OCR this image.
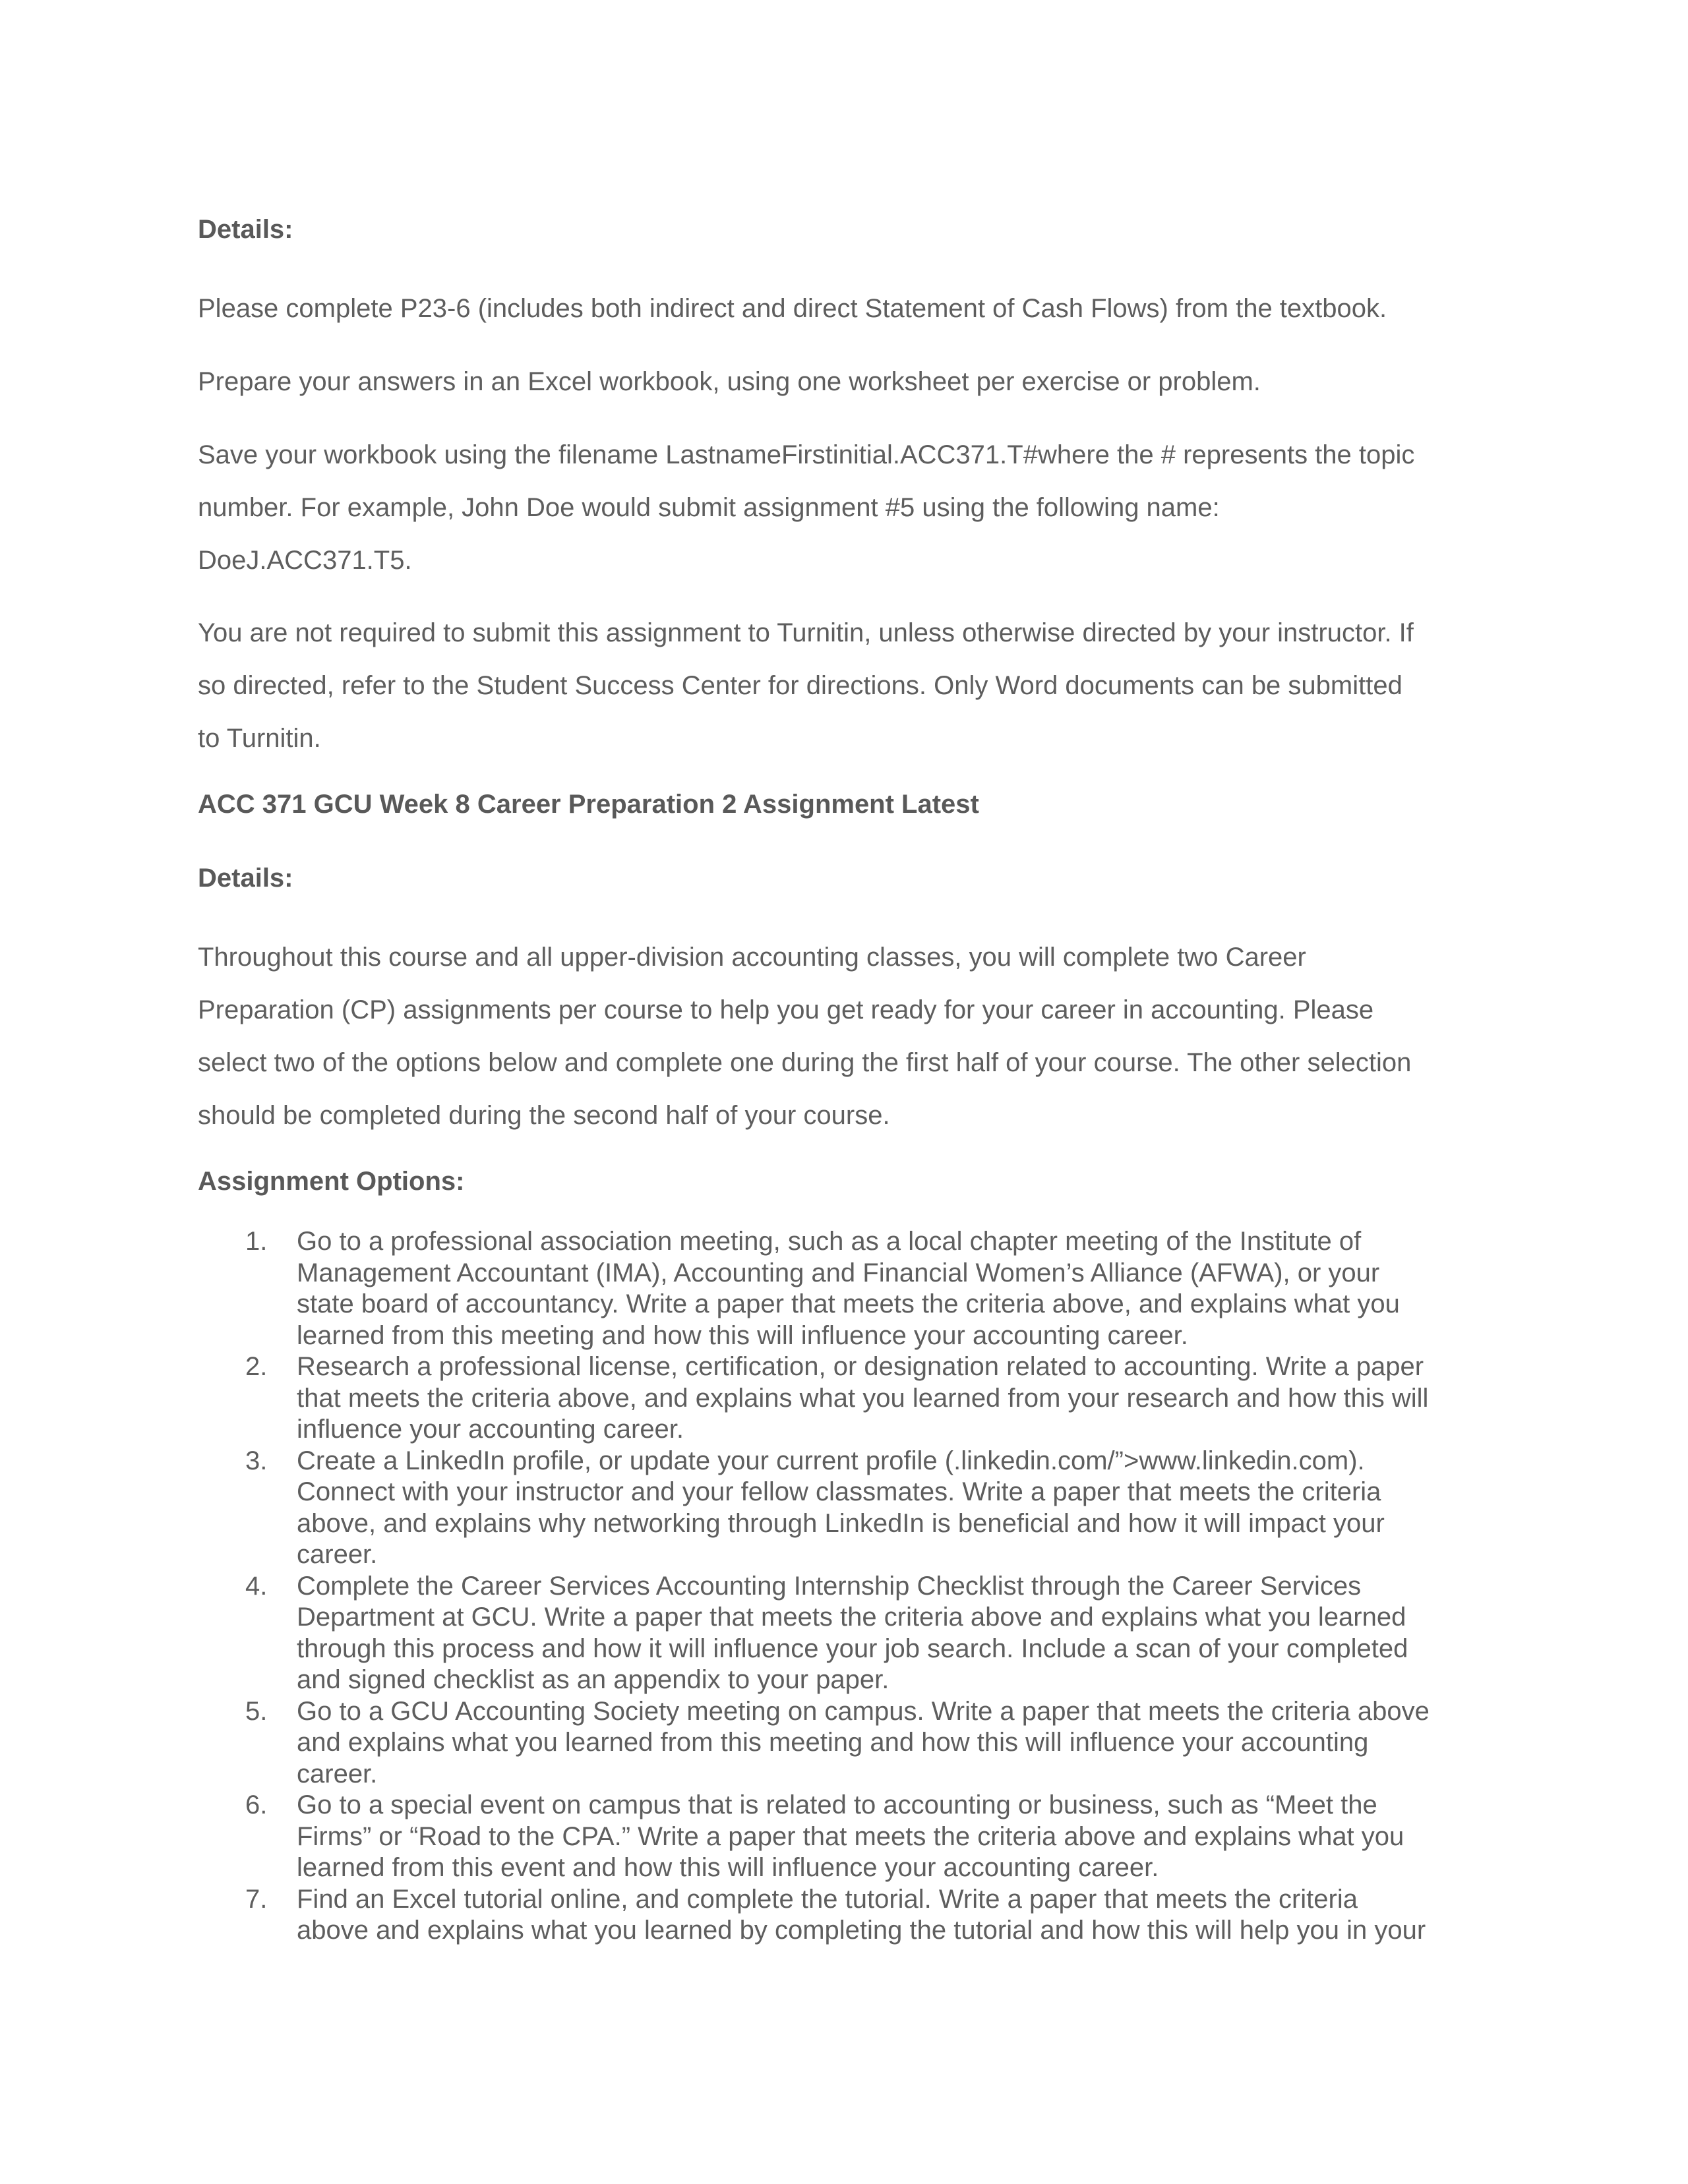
Details:

Please complete P23-6 (includes both indirect and direct Statement of Cash Flows) from the textbook.

Prepare your answers in an Excel workbook, using one worksheet per exercise or problem.

Save your workbook using the filename LastnameFirstinitial.ACC371.T#where the # represents the topic
number. For example, John Doe would submit assignment #5 using the following name:
DoeJ.ACC371.T5.

You are not required to submit this assignment to Turnitin, unless otherwise directed by your instructor. If
so directed, refer to the Student Success Center for directions. Only Word documents can be submitted
to Turnitin.

ACC 371 GCU Week 8 Career Preparation 2 Assignment Latest
Details:

Throughout this course and all upper-division accounting classes, you will complete two Career
Preparation (CP) assignments per course to help you get ready for your career in accounting. Please
select two of the options below and complete one during the first half of your course. The other selection
should be completed during the second half of your course.

Assignment Options:
1.	Go to a professional association meeting, such as a local chapter meeting of the Institute of
Management Accountant (IMA), Accounting and Financial Women’s Alliance (AFWA), or your
state board of accountancy. Write a paper that meets the criteria above, and explains what you
learned from this meeting and how this will influence your accounting career.
2.	Research a professional license, certification, or designation related to accounting. Write a paper
that meets the criteria above, and explains what you learned from your research and how this will
influence your accounting career.
3.	Create a LinkedIn profile, or update your current profile (.linkedin.com/”>www.linkedin.com).
Connect with your instructor and your fellow classmates. Write a paper that meets the criteria
above, and explains why networking through LinkedIn is beneficial and how it will impact your
career.
4.	Complete the Career Services Accounting Internship Checklist through the Career Services
Department at GCU. Write a paper that meets the criteria above and explains what you learned
through this process and how it will influence your job search. Include a scan of your completed
and signed checklist as an appendix to your paper.
5.	Go to a GCU Accounting Society meeting on campus. Write a paper that meets the criteria above
and explains what you learned from this meeting and how this will influence your accounting
career.
6.	Go to a special event on campus that is related to accounting or business, such as “Meet the
Firms” or “Road to the CPA.” Write a paper that meets the criteria above and explains what you
learned from this event and how this will influence your accounting career.
7.	Find an Excel tutorial online, and complete the tutorial. Write a paper that meets the criteria
above and explains what you learned by completing the tutorial and how this will help you in your
